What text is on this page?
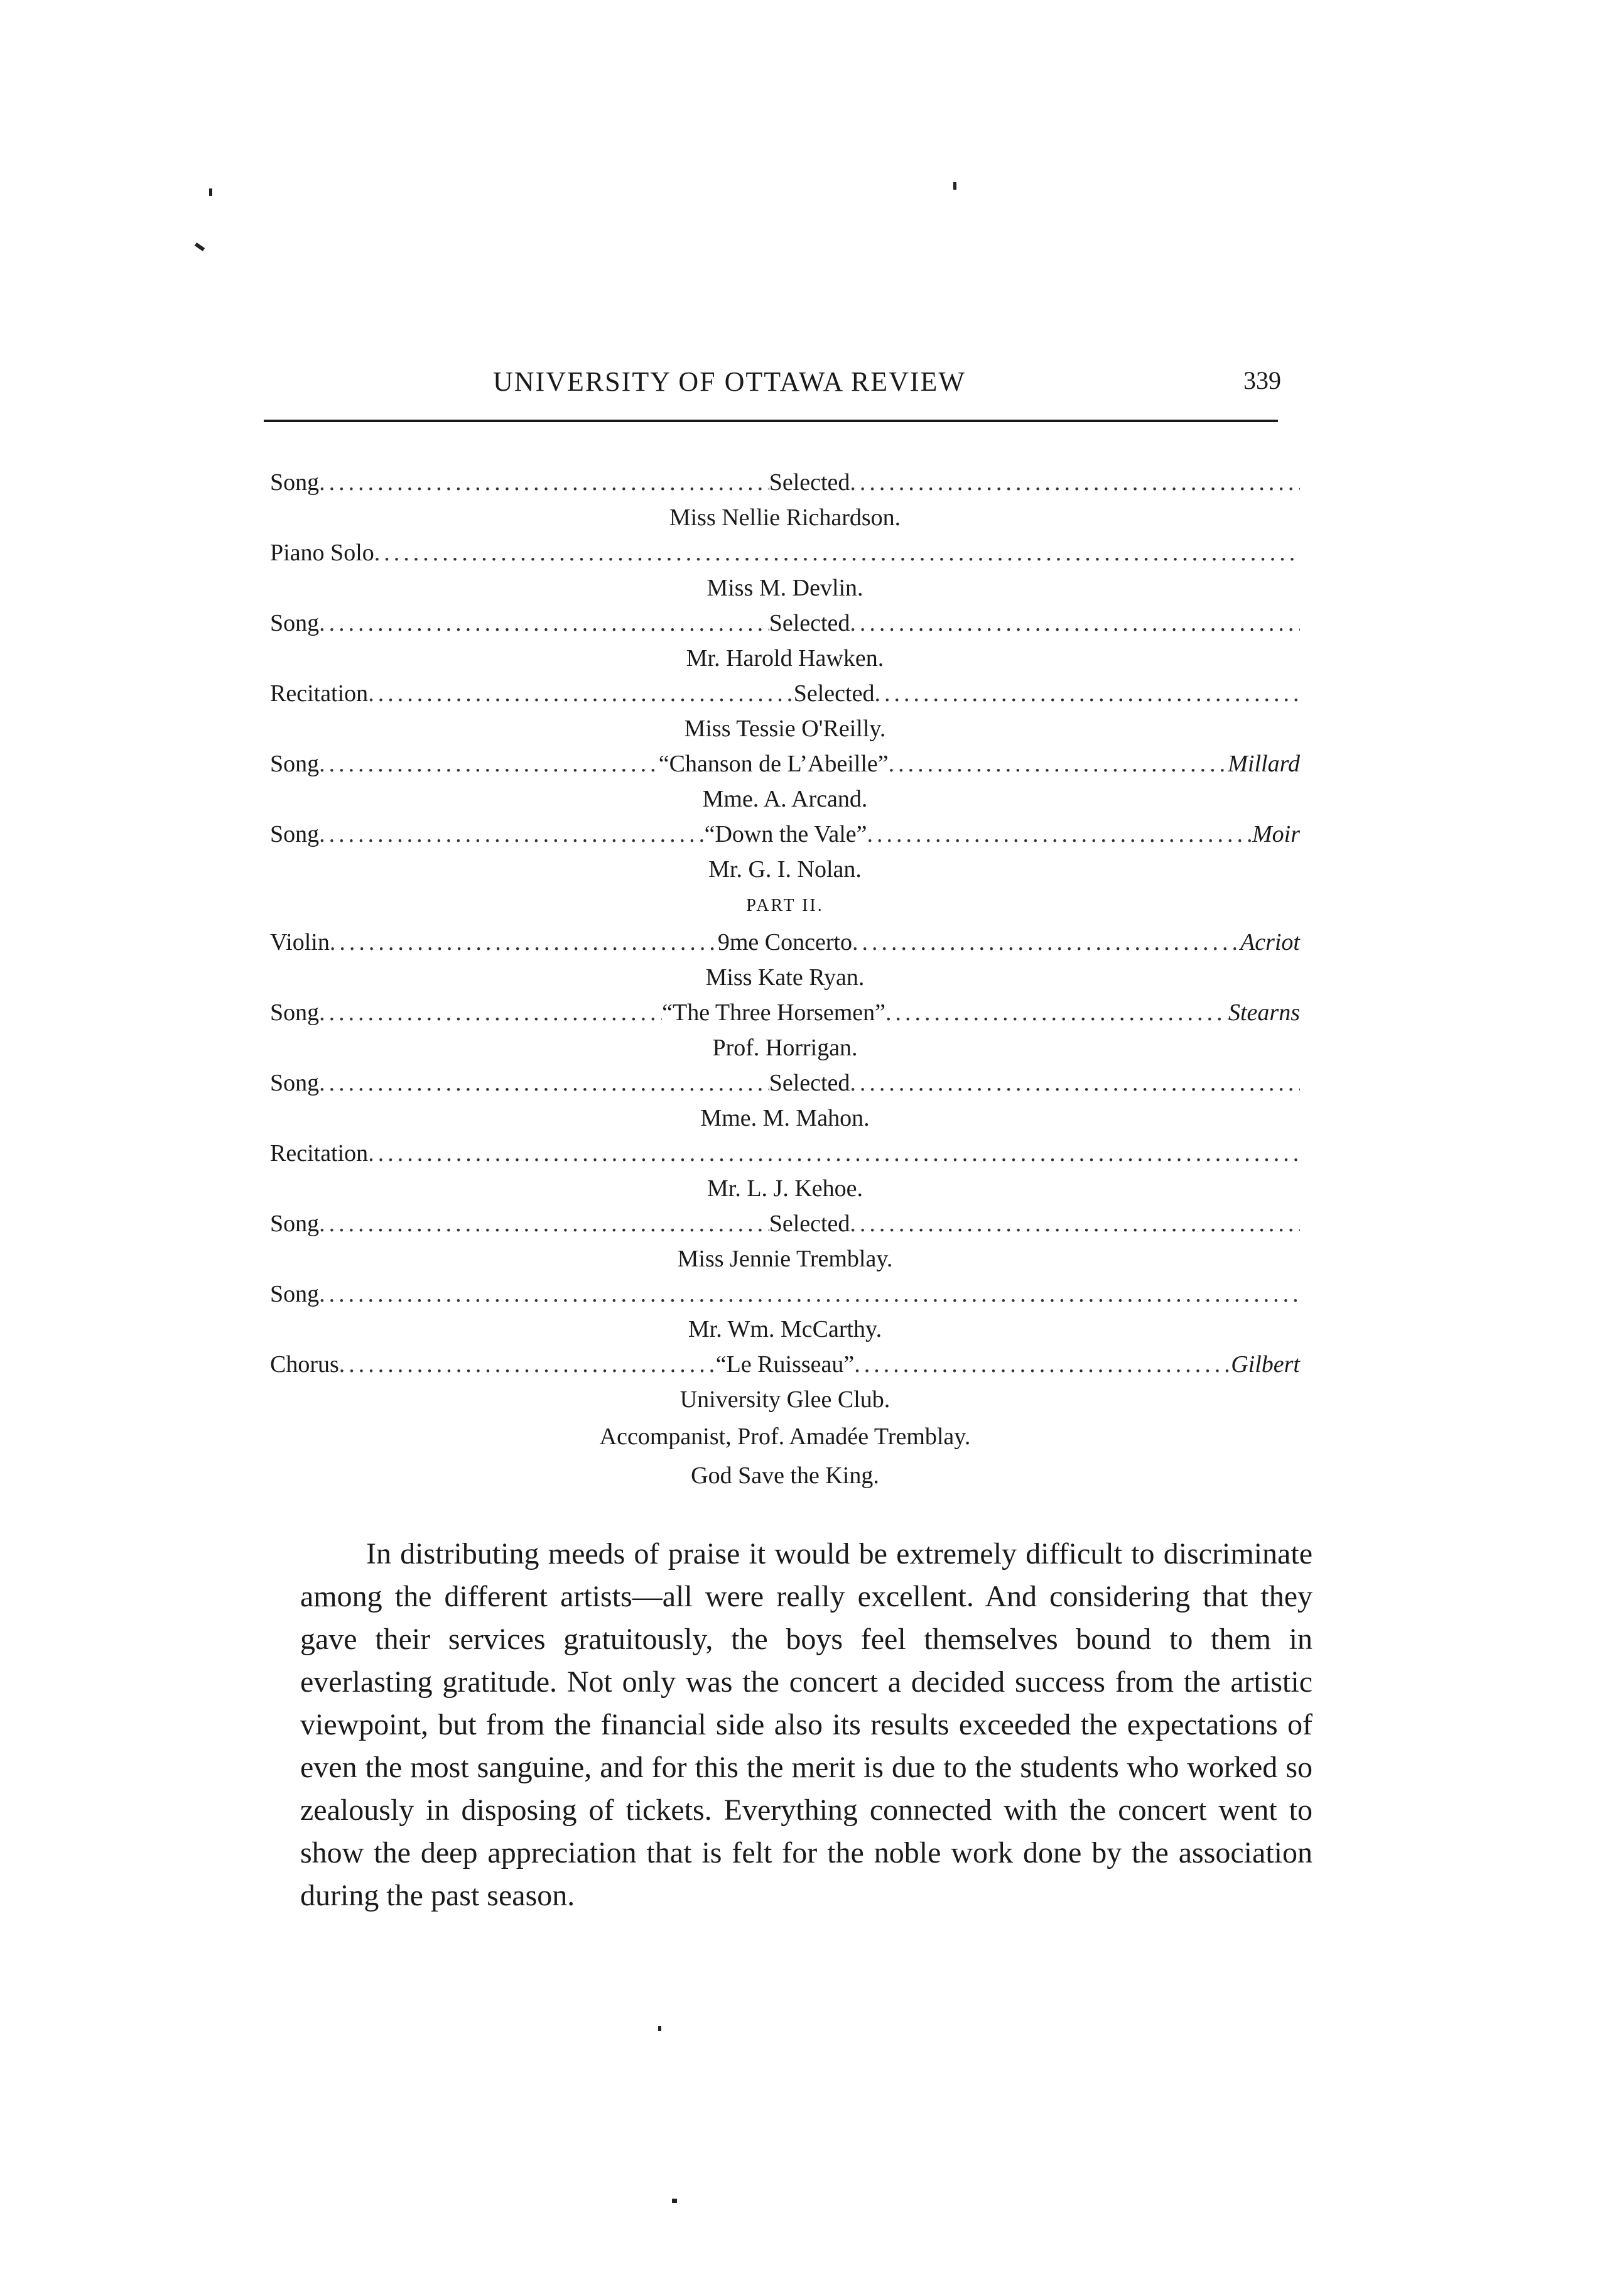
UNIVERSITY OF OTTAWA REVIEW	339
Song .....	Selected
.....
Miss Nellie Richardson.
Piano Solo
.....
Miss M. Devlin.
Song .....	Selected
.....
Mr. Harold Hawken.
Recitation .....	Selected
.....
Miss Tessie O'Reilly.
Song .....	“Chanson de L’Abeille” .....	Millard
Mme. A. Arcand.
Song .....	“Down the Vale” .....	Moir
Mr. G. I. Nolan.
PART II.
Violin .....	9me Concerto .....	Acriot
Miss Kate Ryan.
Song .....	“The Three Horsemen” .....	Stearns
Prof. Horrigan.
Song .....	Selected
.....
Mme. M. Mahon.
Recitation
.....
Mr. L. J. Kehoe.
Song .....	Selected
.....
Miss Jennie Tremblay.
Song
.....
Mr. Wm. McCarthy.
Chorus .....	“Le Ruisseau” .....	Gilbert
University Glee Club.
Accompanist, Prof. Amadée Tremblay.
God Save the King.

In distributing meeds of praise it would be extremely difficult to discriminate among the different artists—all were really excellent. And considering that they gave their services gratuitously, the boys feel themselves bound to them in everlasting gratitude. Not only was the concert a decided success from the artistic viewpoint, but from the financial side also its results exceeded the expectations of even the most sanguine, and for this the merit is due to the students who worked so zealously in disposing of tickets. Everything connected with the concert went to show the deep appreciation that is felt for the noble work done by the association during the past season.
